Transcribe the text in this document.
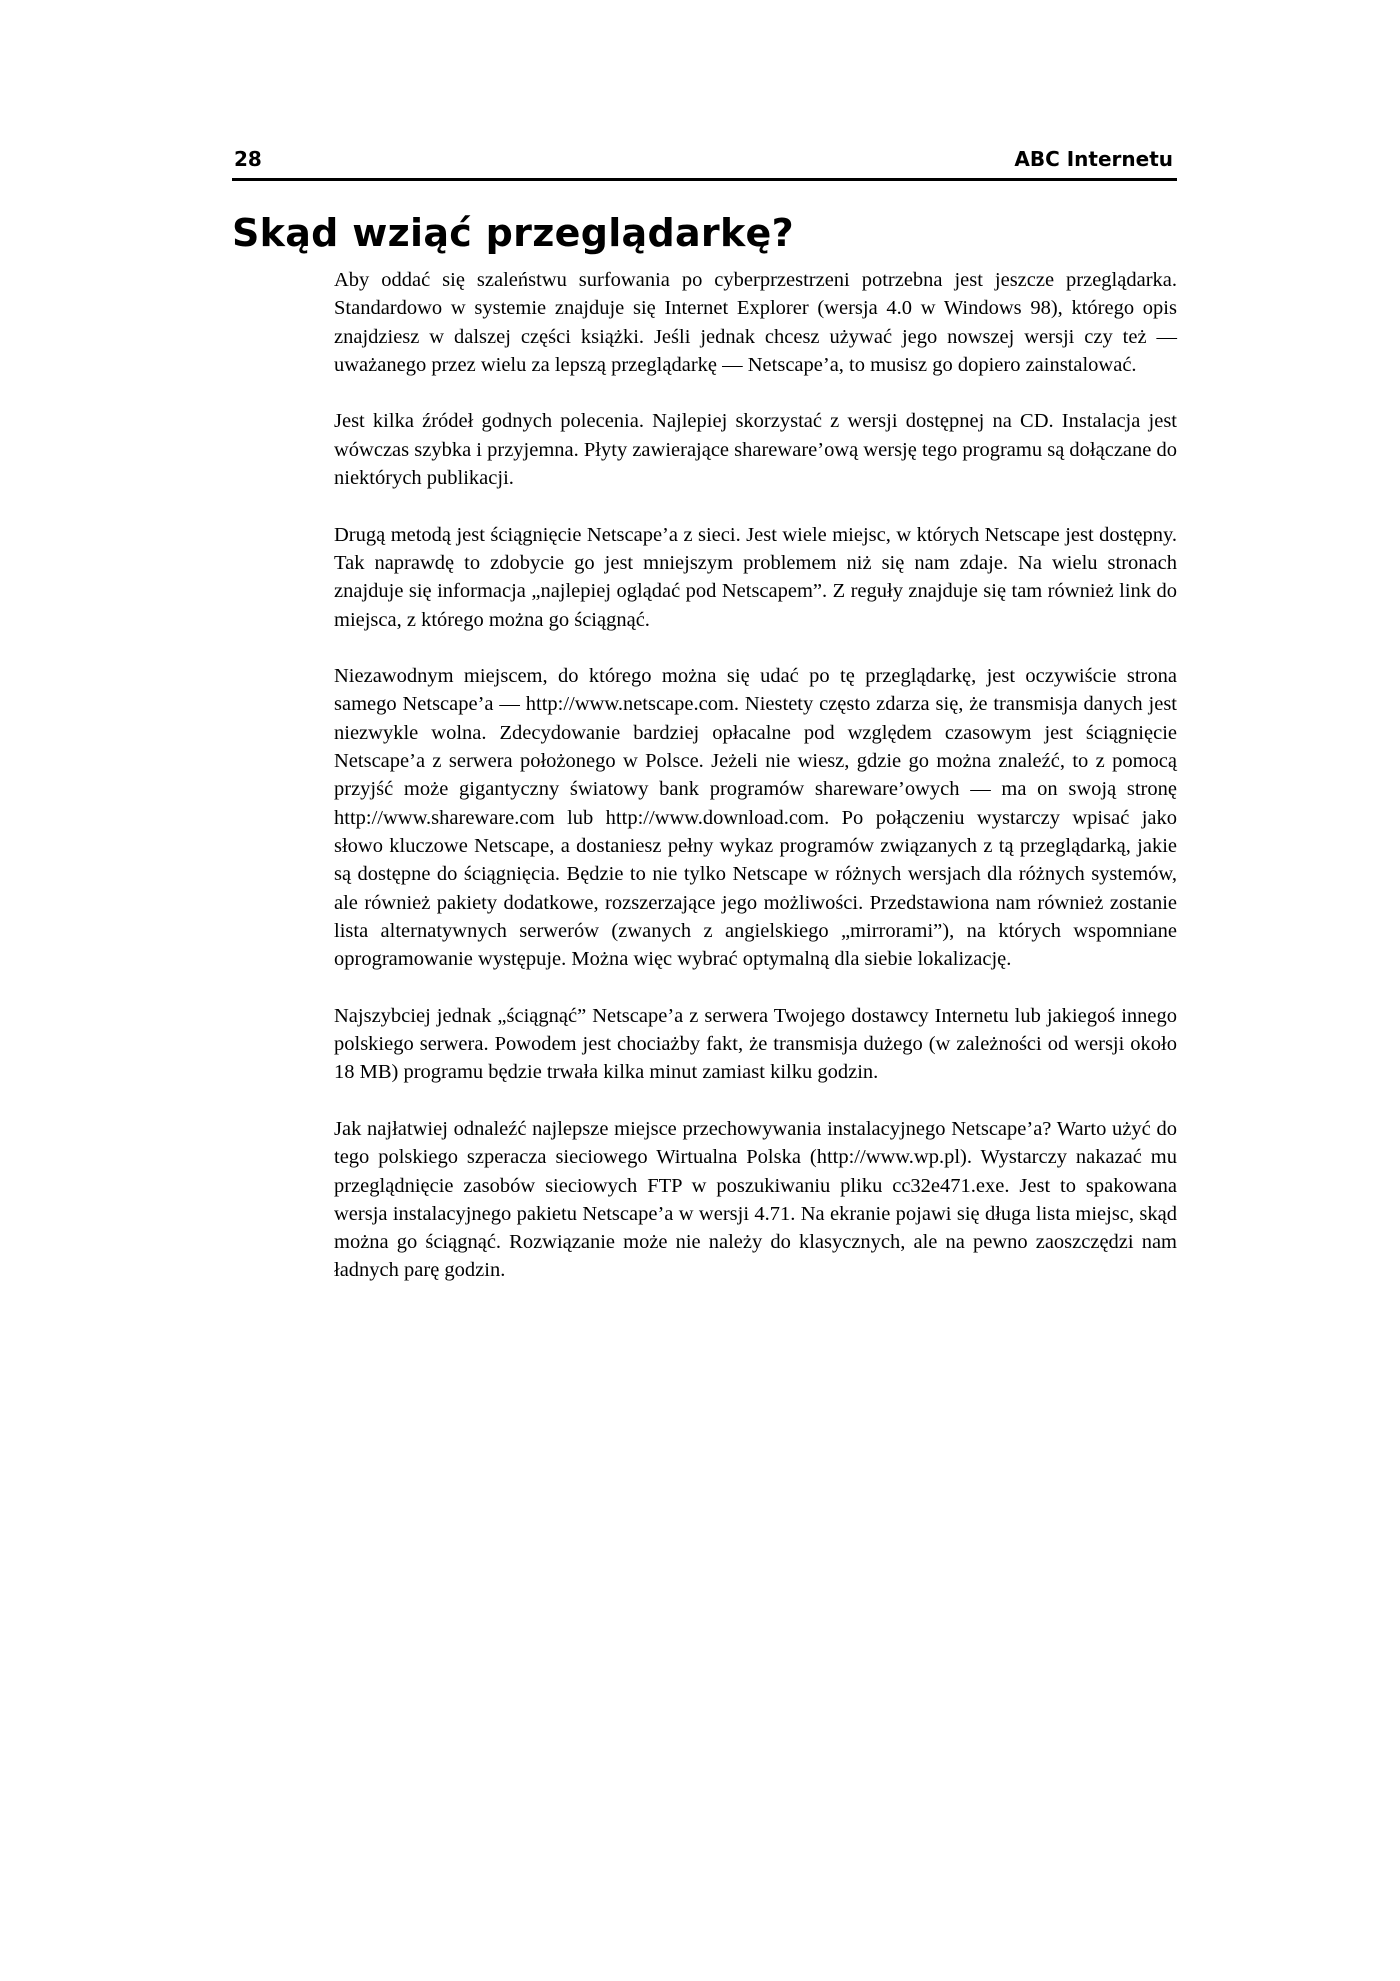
28	ABC Internetu
Skąd wziąć przeglądarkę?

Aby oddać się szaleństwu surfowania po cyberprzestrzeni potrzebna jest jeszcze przeglądarka. Standardowo w systemie znajduje się Internet Explorer (wersja 4.0 w Windows 98), którego opis znajdziesz w dalszej części książki. Jeśli jednak chcesz używać jego nowszej wersji czy też — uważanego przez wielu za lepszą przeglądarkę — Netscape’a, to musisz go dopiero zainstalować.

Jest kilka źródeł godnych polecenia. Najlepiej skorzystać z wersji dostępnej na CD. Instalacja jest wówczas szybka i przyjemna. Płyty zawierające shareware’ową wersję tego programu są dołączane do niektórych publikacji.

Drugą metodą jest ściągnięcie Netscape’a z sieci. Jest wiele miejsc, w których Netscape jest dostępny. Tak naprawdę to zdobycie go jest mniejszym problemem niż się nam zdaje. Na wielu stronach znajduje się informacja „najlepiej oglądać pod Netscapem”. Z reguły znajduje się tam również link do miejsca, z którego można go ściągnąć.

Niezawodnym miejscem, do którego można się udać po tę przeglądarkę, jest oczywiście strona samego Netscape’a — http://www.netscape.com. Niestety często zdarza się, że transmisja danych jest niezwykle wolna. Zdecydowanie bardziej opłacalne pod względem czasowym jest ściągnięcie Netscape’a z serwera położonego w Polsce. Jeżeli nie wiesz, gdzie go można znaleźć, to z pomocą przyjść może gigantyczny światowy bank programów shareware’owych — ma on swoją stronę http://www.shareware.com lub http://www.download.com. Po połączeniu wystarczy wpisać jako słowo kluczowe Netscape, a dostaniesz pełny wykaz programów związanych z tą przeglądarką, jakie są dostępne do ściągnięcia. Będzie to nie tylko Netscape w różnych wersjach dla różnych systemów, ale również pakiety dodatkowe, rozszerzające jego możliwości. Przedstawiona nam również zostanie lista alternatywnych serwerów (zwanych z angielskiego „mirrorami”), na których wspomniane oprogramowanie występuje. Można więc wybrać optymalną dla siebie lokalizację.

Najszybciej jednak „ściągnąć” Netscape’a z serwera Twojego dostawcy Internetu lub jakiegoś innego polskiego serwera. Powodem jest chociażby fakt, że transmisja dużego (w zależności od wersji około 18 MB) programu będzie trwała kilka minut zamiast kilku godzin.

Jak najłatwiej odnaleźć najlepsze miejsce przechowywania instalacyjnego Netscape’a? Warto użyć do tego polskiego szperacza sieciowego Wirtualna Polska (http://www.wp.pl). Wystarczy nakazać mu przeglądnięcie zasobów sieciowych FTP w poszukiwaniu pliku cc32e471.exe. Jest to spakowana wersja instalacyjnego pakietu Netscape’a w wersji 4.71. Na ekranie pojawi się długa lista miejsc, skąd można go ściągnąć. Rozwiązanie może nie należy do klasycznych, ale na pewno zaoszczędzi nam ładnych parę godzin.
